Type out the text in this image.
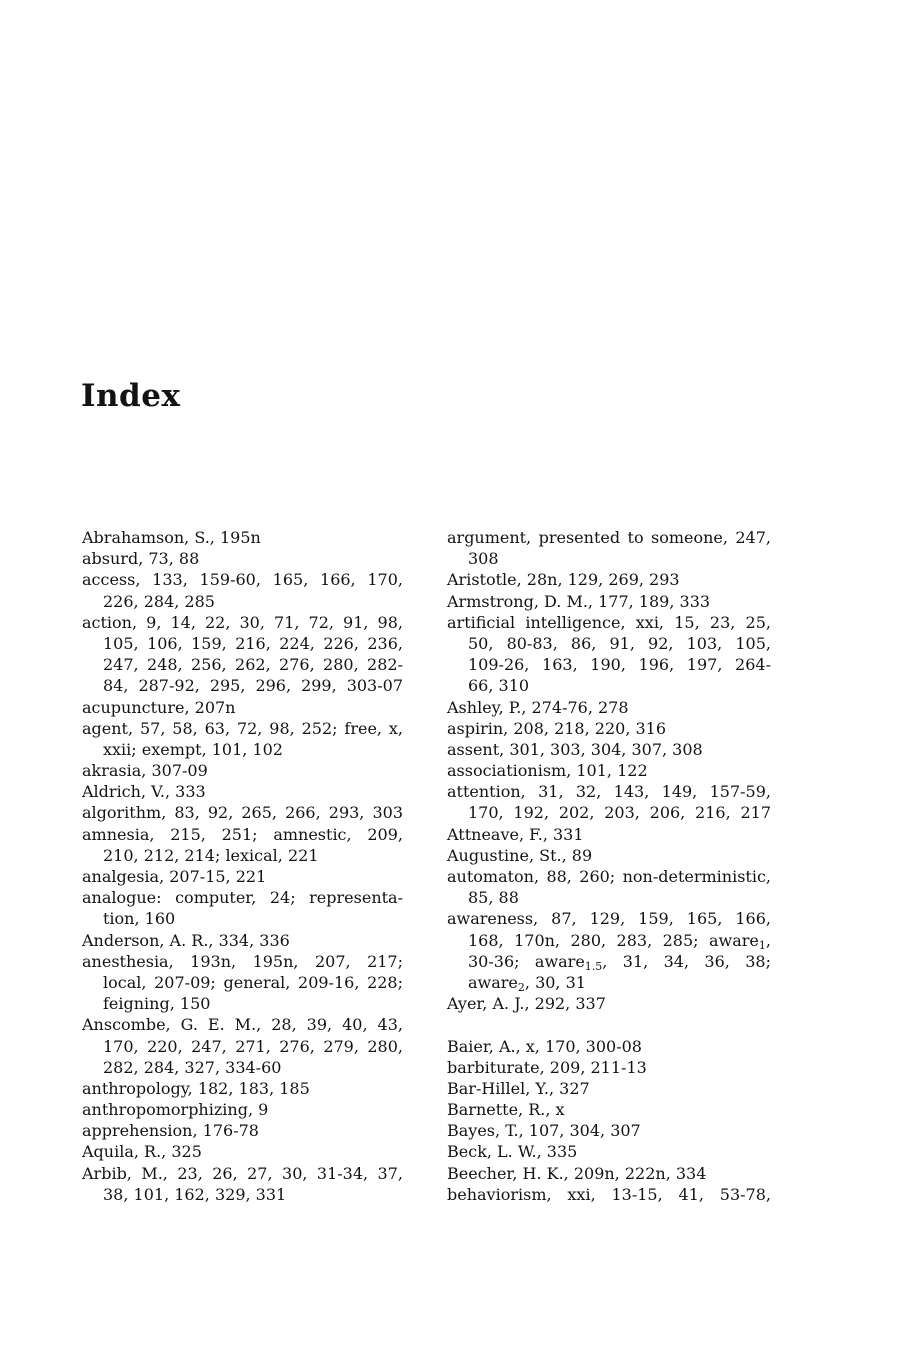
Index
Abrahamson, S., 195n
absurd, 73, 88
access, 133, 159-60, 165, 166, 170,
226, 284, 285
action, 9, 14, 22, 30, 71, 72, 91, 98,
105, 106, 159, 216, 224, 226, 236,
247, 248, 256, 262, 276, 280, 282-
84, 287-92, 295, 296, 299, 303-07
acupuncture, 207n
agent, 57, 58, 63, 72, 98, 252; free, x,
xxii; exempt, 101, 102
akrasia, 307-09
Aldrich, V., 333
algorithm, 83, 92, 265, 266, 293, 303
amnesia, 215, 251; amnestic, 209,
210, 212, 214; lexical, 221
analgesia, 207-15, 221
analogue: computer, 24; representa-
tion, 160
Anderson, A. R., 334, 336
anesthesia, 193n, 195n, 207, 217;
local, 207-09; general, 209-16, 228;
feigning, 150
Anscombe, G. E. M., 28, 39, 40, 43,
170, 220, 247, 271, 276, 279, 280,
282, 284, 327, 334-60
anthropology, 182, 183, 185
anthropomorphizing, 9
apprehension, 176-78
Aquila, R., 325
Arbib, M., 23, 26, 27, 30, 31-34, 37,
38, 101, 162, 329, 331
argument, presented to someone, 247,
308
Aristotle, 28n, 129, 269, 293
Armstrong, D. M., 177, 189, 333
artificial intelligence, xxi, 15, 23, 25,
50, 80-83, 86, 91, 92, 103, 105,
109-26, 163, 190, 196, 197, 264-
66, 310
Ashley, P., 274-76, 278
aspirin, 208, 218, 220, 316
assent, 301, 303, 304, 307, 308
associationism, 101, 122
attention, 31, 32, 143, 149, 157-59,
170, 192, 202, 203, 206, 216, 217
Attneave, F., 331
Augustine, St., 89
automaton, 88, 260; non-deterministic,
85, 88
awareness, 87, 129, 159, 165, 166,
168, 170n, 280, 283, 285; aware$_1$,
30-36; aware$_{1.5}$, 31, 34, 36, 38;
aware$_2$, 30, 31
Ayer, A. J., 292, 337
Baier, A., x, 170, 300-08
barbiturate, 209, 211-13
Bar-Hillel, Y., 327
Barnette, R., x
Bayes, T., 107, 304, 307
Beck, L. W., 335
Beecher, H. K., 209n, 222n, 334
behaviorism, xxi, 13-15, 41, 53-78,
